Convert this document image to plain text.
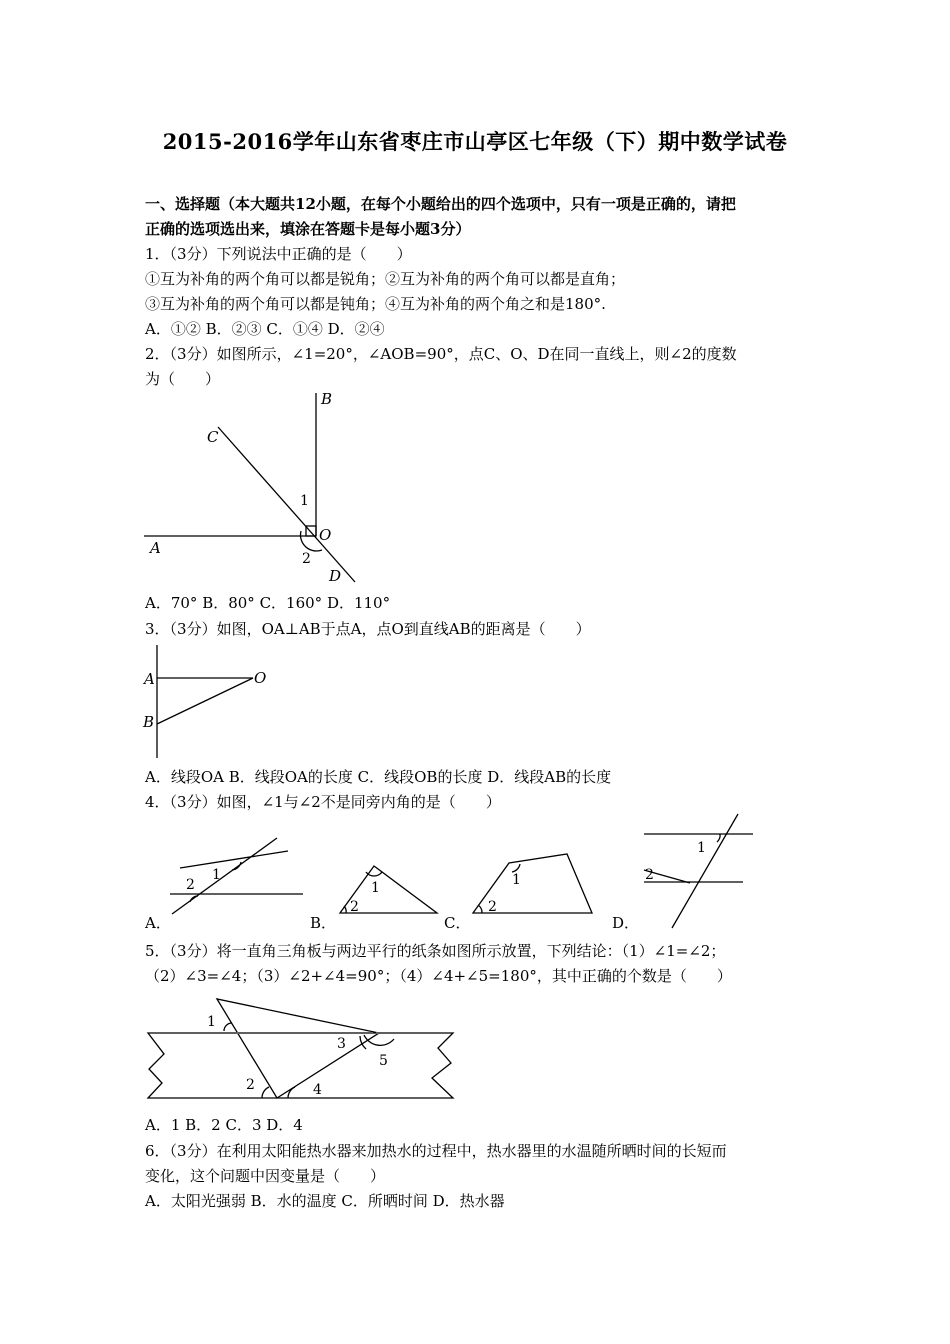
2015-2016学年山东省枣庄市山亭区七年级（下）期中数学试卷
一、选择题（本大题共12小题，在每个小题给出的四个选项中，只有一项是正确的，请把
正确的选项选出来，填涂在答题卡是每小题3分）
1．（3分）下列说法中正确的是（　　）
①互为补角的两个角可以都是锐角；②互为补角的两个角可以都是直角；
③互为补角的两个角可以都是钝角；④互为补角的两个角之和是180°.
A．①② B．②③ C．①④ D．②④
2．（3分）如图所示，∠1=20°，∠AOB=90°，点C、O、D在同一直线上，则∠2的度数
为（　　）
B
C
O
A
D
1
2
A．70° B．80° C．160° D．110°
3．（3分）如图，OA⊥AB于点A，点O到直线AB的距离是（　　）
A
B
O
A．线段OA B．线段OA的长度 C．线段OB的长度 D．线段AB的长度
4．（3分）如图，∠1与∠2不是同旁内角的是（　　）
1
2	1
2
1
2
1
2
A．	B．	C．	D．
5．（3分）将一直角三角板与两边平行的纸条如图所示放置，下列结论：（1）∠1=∠2；
（2）∠3=∠4；（3）∠2+∠4=90°；（4）∠4+∠5=180°，其中正确的个数是（　　）
1
2
3
4
5
A．1 B．2 C．3 D．4
6．（3分）在利用太阳能热水器来加热水的过程中，热水器里的水温随所晒时间的长短而
变化，这个问题中因变量是（　　）
A．太阳光强弱 B．水的温度 C．所晒时间 D．热水器
